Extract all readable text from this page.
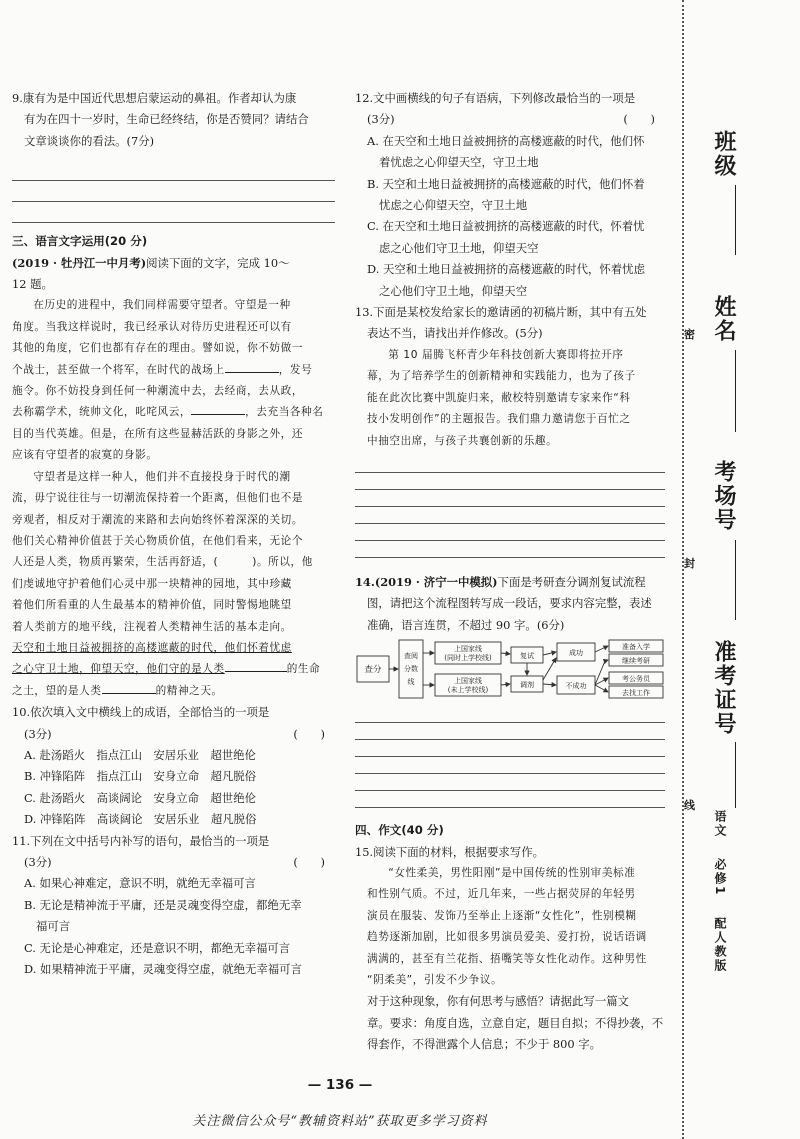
9.康有为是中国近代思想启蒙运动的鼻祖。作者却认为康

有为在四十一岁时，生命已经终结，你是否赞同？请结合

文章谈谈你的看法。(7分)

三、语言文字运用(20 分)

(2019 · 牡丹江一中月考)阅读下面的文字，完成 10～

12 题。

在历史的进程中，我们同样需要守望者。守望是一种

角度。当我这样说时，我已经承认对待历史进程还可以有

其他的角度，它们也都有存在的理由。譬如说，你不妨做一

个战士，甚至做一个将军，在时代的战场上	，发号

施令。你不妨投身到任何一种潮流中去，去经商，去从政，

去称霸学术，统帅文化，叱咤风云，	，去充当各种名

目的当代英雄。但是，在所有这些显赫活跃的身影之外，还

应该有守望者的寂寞的身影。

守望者是这样一种人，他们并不直接投身于时代的潮

流，毋宁说往往与一切潮流保持着一个距离，但他们也不是

旁观者，相反对于潮流的来路和去向始终怀着深深的关切。

他们关心精神价值甚于关心物质价值，在他们看来，无论个

人还是人类，物质再繁荣，生活再舒适，(	)。所以，他

们虔诚地守护着他们心灵中那一块精神的园地，其中珍藏

着他们所看重的人生最基本的精神价值，同时警惕地眺望

着人类前方的地平线，注视着人类精神生活的基本走向。

天空和土地日益被拥挤的高楼遮蔽的时代，他们怀着忧虑

之心守卫土地，仰望天空，他们守的是人类	的生命

之土，望的是人类	的精神之天。

10.依次填入文中横线上的成语，全部恰当的一项是

(3分)	(　　)

A. 赴汤蹈火　指点江山　安居乐业　超世绝伦

B. 冲锋陷阵　指点江山　安身立命　超凡脱俗

C. 赴汤蹈火　高谈阔论　安身立命　超世绝伦

D. 冲锋陷阵　高谈阔论　安居乐业　超凡脱俗

11.下列在文中括号内补写的语句，最恰当的一项是

(3分)	(　　)

A. 如果心神难定，意识不明，就绝无幸福可言

B. 无论是精神流于平庸，还是灵魂变得空虚，都绝无幸

福可言

C. 无论是心神难定，还是意识不明，都绝无幸福可言

D. 如果精神流于平庸，灵魂变得空虚，就绝无幸福可言

12.文中画横线的句子有语病，下列修改最恰当的一项是

(3分)	(　　)

A. 在天空和土地日益被拥挤的高楼遮蔽的时代，他们怀

着忧虑之心仰望天空，守卫土地

B. 天空和土地日益被拥挤的高楼遮蔽的时代，他们怀着

忧虑之心仰望天空，守卫土地

C. 在天空和土地日益被拥挤的高楼遮蔽的时代，怀着忧

虑之心他们守卫土地，仰望天空

D. 天空和土地日益被拥挤的高楼遮蔽的时代，怀着忧虑

之心他们守卫土地，仰望天空

13.下面是某校发给家长的邀请函的初稿片断，其中有五处

表达不当，请找出并作修改。(5分)

第 10 届腾飞杯青少年科技创新大赛即将拉开序

幕，为了培养学生的创新精神和实践能力，也为了孩子

能在此次比赛中凯旋归来，敝校特别邀请专家来作“科

技小发明创作”的主题报告。我们鼎力邀请您于百忙之

中抽空出席，与孩子共襄创新的乐趣。

14.(2019 · 济宁一中模拟)下面是考研查分调剂复试流程

图，请把这个流程图转写成一段话，要求内容完整，表述

准确，语言连贯，不超过 90 字。(6分)

查分
查阅
分数
线
上国家线
(同时上学校线)
上国家线
(未上学校线)
复试
调剂
成功
不成功
准备入学
继续考研
考公务员
去找工作

四、作文(40 分)

15.阅读下面的材料，根据要求写作。

“女性柔美，男性阳刚”是中国传统的性别审美标准

和性别气质。不过，近几年来，一些占据荧屏的年轻男

演员在服装、发饰乃至举止上逐渐“女性化”，性别模糊

趋势逐渐加剧，比如很多男演员爱美、爱打扮，说话语调

满满的，甚至有兰花指、捂嘴笑等女性化动作。这种男性

“阴柔美”，引发不少争议。

对于这种现象，你有何思考与感悟？请据此写一篇文

章。要求：角度自选，立意自定，题目自拟；不得抄袭，不

得套作，不得泄露个人信息；不少于 800 字。

— 136 —
关注微信公众号“教辅资料站”获取更多学习资料
密
封
线
班级
姓名
考场号
准考证号
语文 必修1 配人教版
